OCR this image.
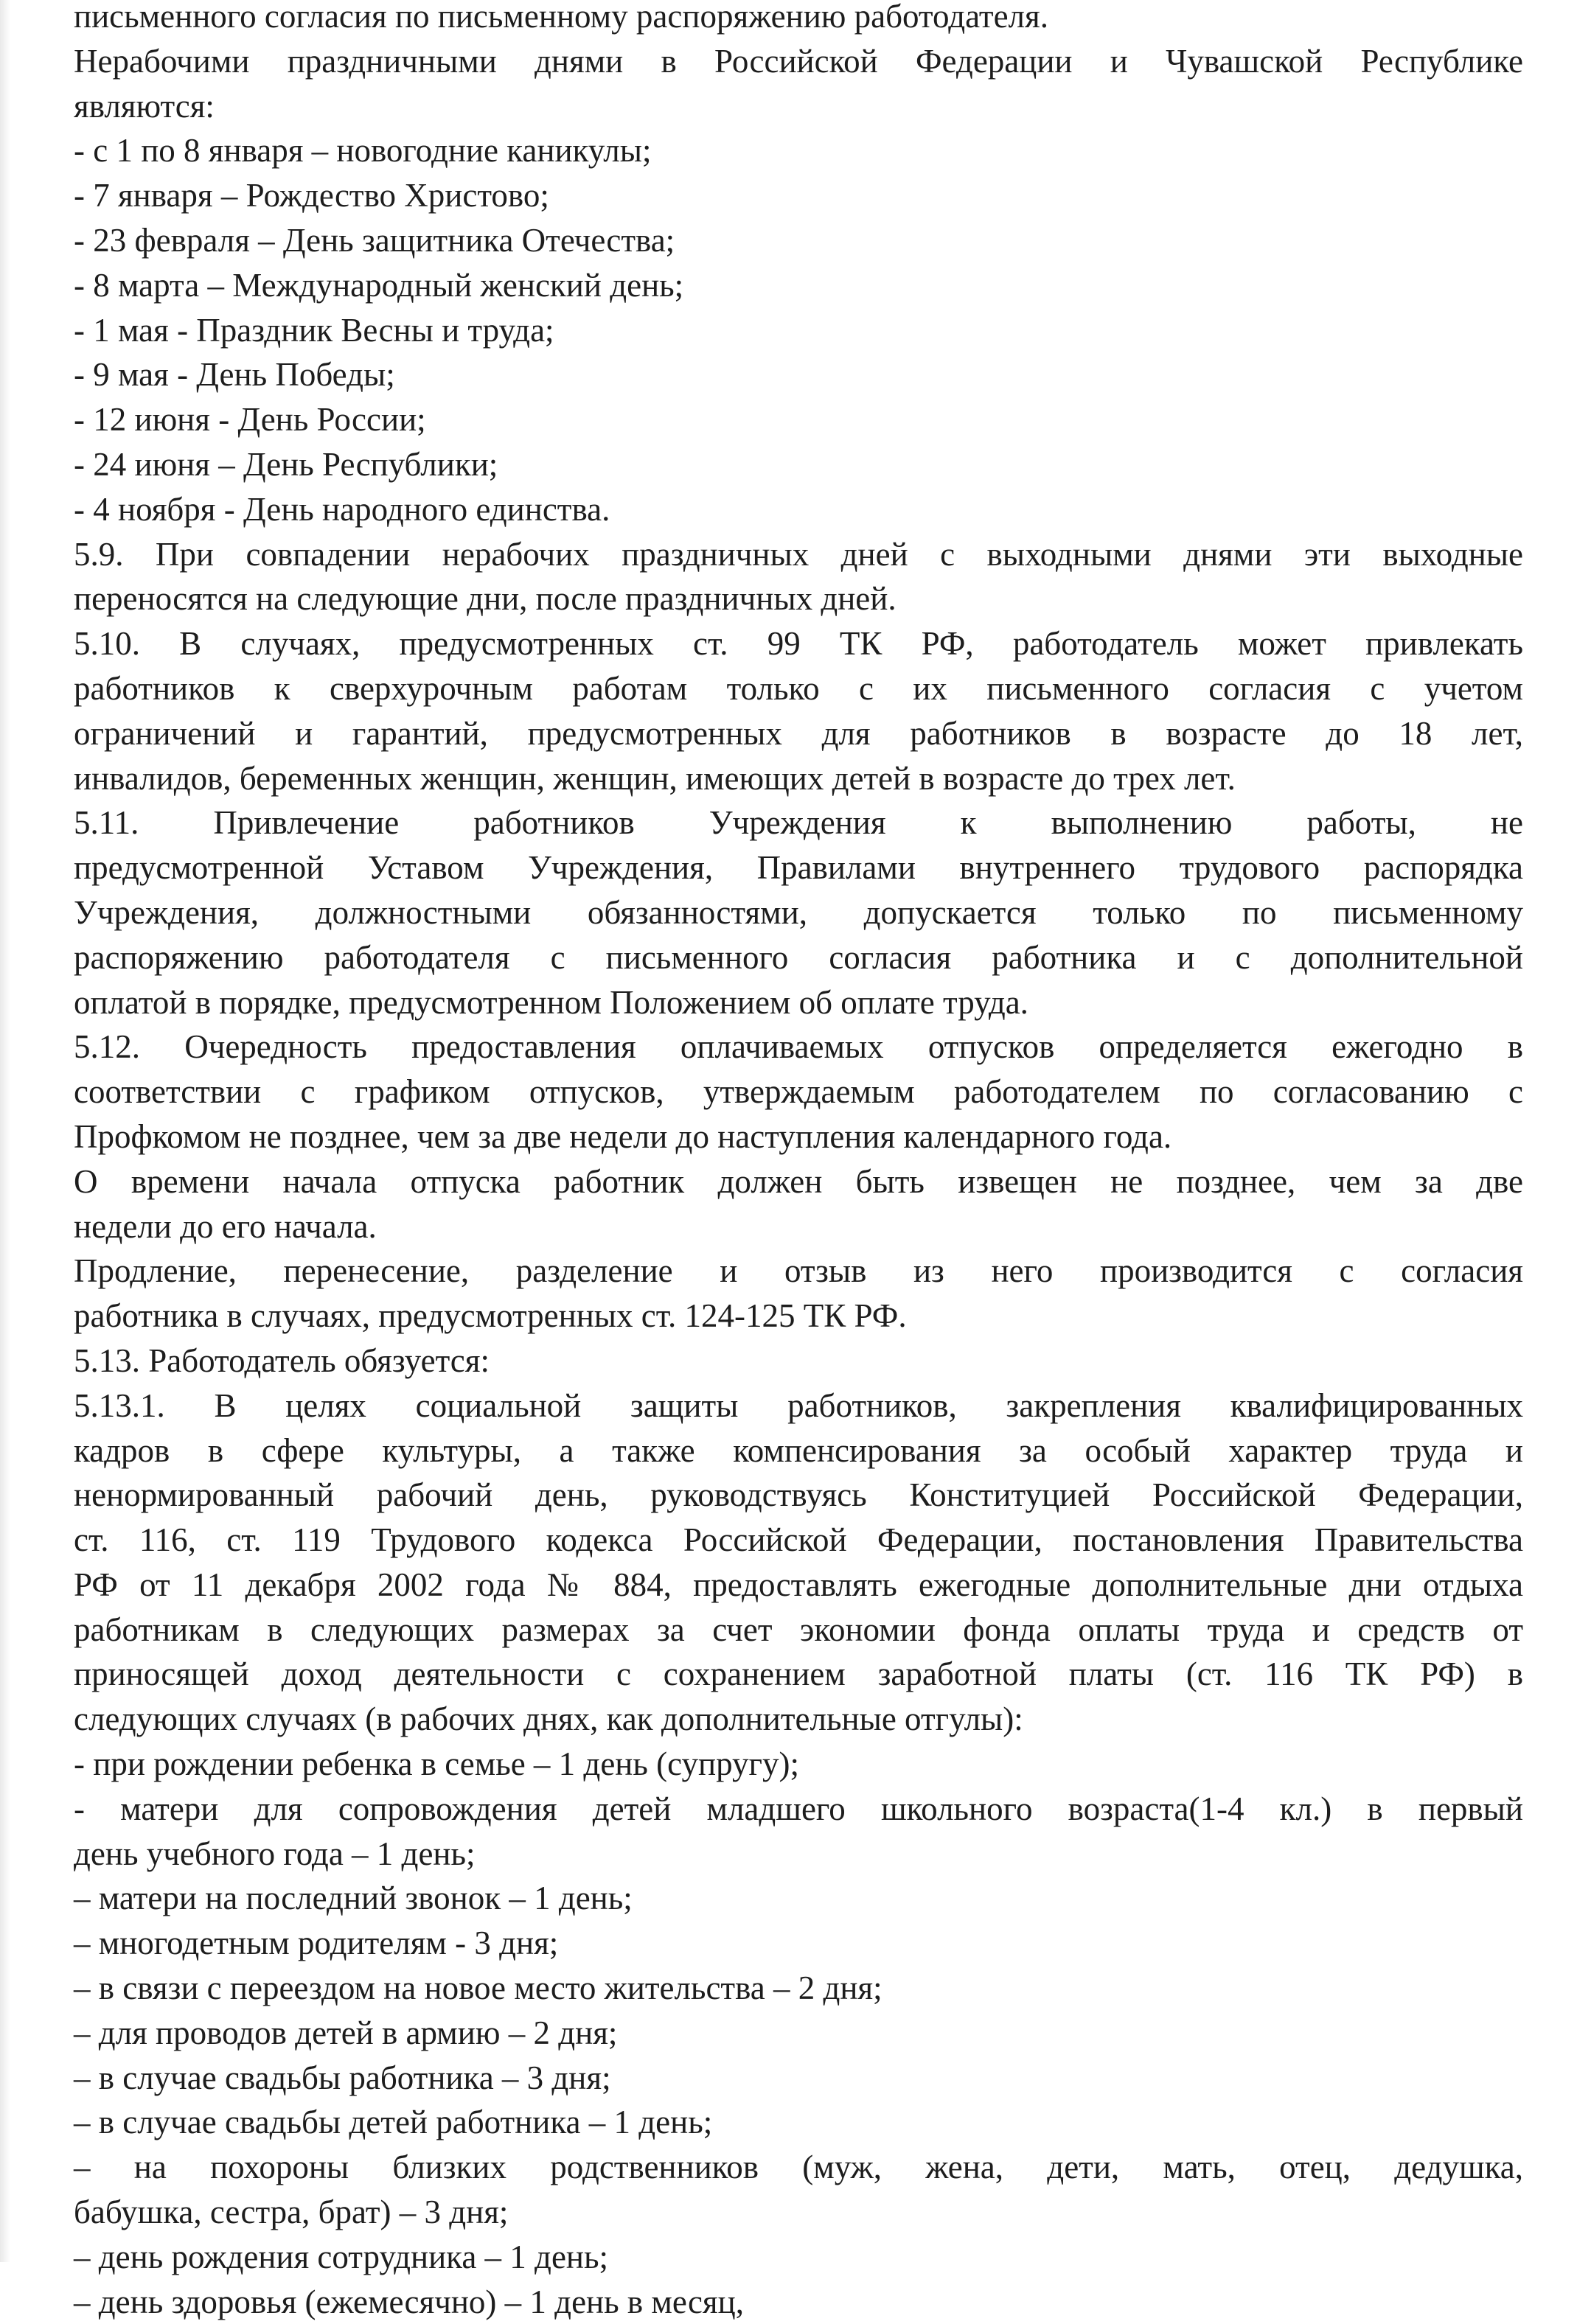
письменного согласия по письменному распоряжению работодателя.

Нерабочими праздничными днями в Российской Федерации и Чувашской Республике

являются:

- с 1 по 8 января – новогодние каникулы;

- 7 января – Рождество Христово;

- 23 февраля – День защитника Отечества;

- 8 марта – Международный женский день;

- 1 мая - Праздник Весны и труда;

- 9 мая - День Победы;

- 12 июня - День России;

- 24 июня – День Республики;

- 4 ноября - День народного единства.

5.9. При совпадении нерабочих праздничных дней с выходными днями эти выходные

переносятся на следующие дни, после праздничных дней.

5.10. В случаях, предусмотренных ст. 99 ТК РФ, работодатель может привлекать

работников к сверхурочным работам только с их письменного согласия с учетом

ограничений и гарантий, предусмотренных для работников в возрасте до 18 лет,

инвалидов, беременных женщин, женщин, имеющих детей в возрасте до трех лет.

5.11. Привлечение работников Учреждения к выполнению работы, не

предусмотренной Уставом Учреждения, Правилами внутреннего трудового распорядка

Учреждения, должностными обязанностями, допускается только по письменному

распоряжению работодателя с письменного согласия работника и с дополнительной

оплатой в порядке, предусмотренном Положением об оплате труда.

5.12. Очередность предоставления оплачиваемых отпусков определяется ежегодно в

соответствии с графиком отпусков, утверждаемым работодателем по согласованию с

Профкомом не позднее, чем за две недели до наступления календарного года.

О времени начала отпуска работник должен быть извещен не позднее, чем за две

недели до его начала.

Продление, перенесение, разделение и отзыв из него производится с согласия

работника в случаях, предусмотренных ст. 124-125 ТК РФ.

5.13. Работодатель обязуется:

5.13.1. В целях социальной защиты работников, закрепления квалифицированных

кадров в сфере культуры, а также компенсирования за особый характер труда и

ненормированный рабочий день, руководствуясь Конституцией Российской Федерации,

ст. 116, ст. 119 Трудового кодекса Российской Федерации, постановления Правительства

РФ от 11 декабря 2002 года № 884, предоставлять ежегодные дополнительные дни отдыха

работникам в следующих размерах за счет экономии фонда оплаты труда и средств от

приносящей доход деятельности с сохранением заработной платы (ст. 116 ТК РФ) в

следующих случаях (в рабочих днях, как дополнительные отгулы):

- при рождении ребенка в семье – 1 день (супругу);

- матери для сопровождения детей младшего школьного возраста(1-4 кл.) в первый

день учебного года – 1 день;

– матери на последний звонок – 1 день;

– многодетным родителям - 3 дня;

– в связи с переездом на новое место жительства – 2 дня;

– для проводов детей в армию – 2 дня;

– в случае свадьбы работника – 3 дня;

– в случае свадьбы детей работника – 1 день;

– на похороны близких родственников (муж, жена, дети, мать, отец, дедушка,

бабушка, сестра, брат) – 3 дня;

– день рождения сотрудника – 1 день;

– день здоровья (ежемесячно) – 1 день в месяц,
